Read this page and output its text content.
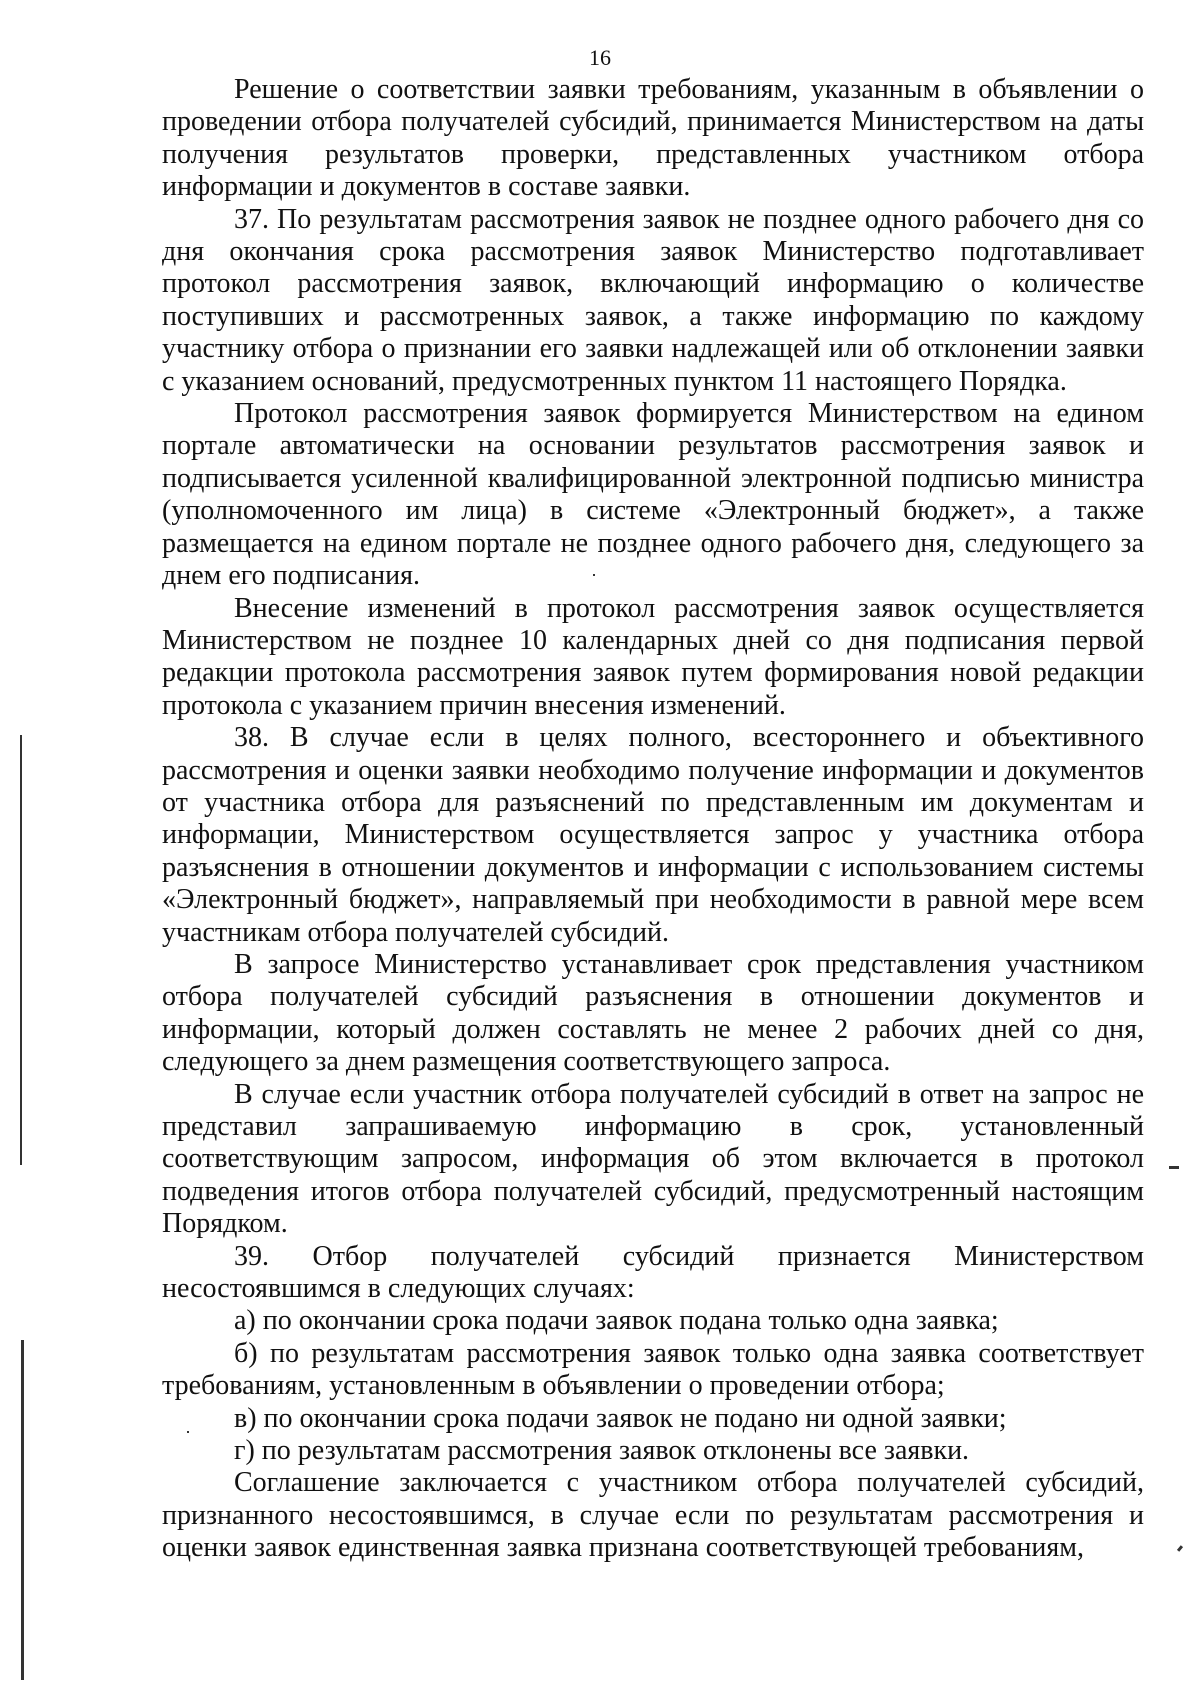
16

Решение о соответствии заявки требованиям, указанным в объявлении о проведении отбора получателей субсидий, принимается Министерством на даты получения результатов проверки, представленных участником отбора информации и документов в составе заявки.

37. По результатам рассмотрения заявок не позднее одного рабочего дня со дня окончания срока рассмотрения заявок Министерство подготавливает протокол рассмотрения заявок, включающий информацию о количестве поступивших и рассмотренных заявок, а также информацию по каждому участнику отбора о признании его заявки надлежащей или об отклонении заявки с указанием оснований, предусмотренных пунктом 11 настоящего Порядка.

Протокол рассмотрения заявок формируется Министерством на едином портале автоматически на основании результатов рассмотрения заявок и подписывается усиленной квалифицированной электронной подписью министра (уполномоченного им лица) в системе «Электронный бюджет», а также размещается на едином портале не позднее одного рабочего дня, следующего за днем его подписания.

Внесение изменений в протокол рассмотрения заявок осуществляется Министерством не позднее 10 календарных дней со дня подписания первой редакции протокола рассмотрения заявок путем формирования новой редакции протокола с указанием причин внесения изменений.

38. В случае если в целях полного, всестороннего и объективного рассмотрения и оценки заявки необходимо получение информации и документов от участника отбора для разъяснений по представленным им документам и информации, Министерством осуществляется запрос у участника отбора разъяснения в отношении документов и информации с использованием системы «Электронный бюджет», направляемый при необходимости в равной мере всем участникам отбора получателей субсидий.

В запросе Министерство устанавливает срок представления участником отбора получателей субсидий разъяснения в отношении документов и информации, который должен составлять не менее 2 рабочих дней со дня, следующего за днем размещения соответствующего запроса.

В случае если участник отбора получателей субсидий в ответ на запрос не представил запрашиваемую информацию в срок, установленный соответствующим запросом, информация об этом включается в протокол подведения итогов отбора получателей субсидий, предусмотренный настоящим Порядком.

39. Отбор получателей субсидий признается Министерством несостоявшимся в следующих случаях:

а) по окончании срока подачи заявок подана только одна заявка;

б) по результатам рассмотрения заявок только одна заявка соответствует требованиям, установленным в объявлении о проведении отбора;

в) по окончании срока подачи заявок не подано ни одной заявки;

г) по результатам рассмотрения заявок отклонены все заявки.

Соглашение заключается с участником отбора получателей субсидий, признанного несостоявшимся, в случае если по результатам рассмотрения и оценки заявок единственная заявка признана соответствующей требованиям,
